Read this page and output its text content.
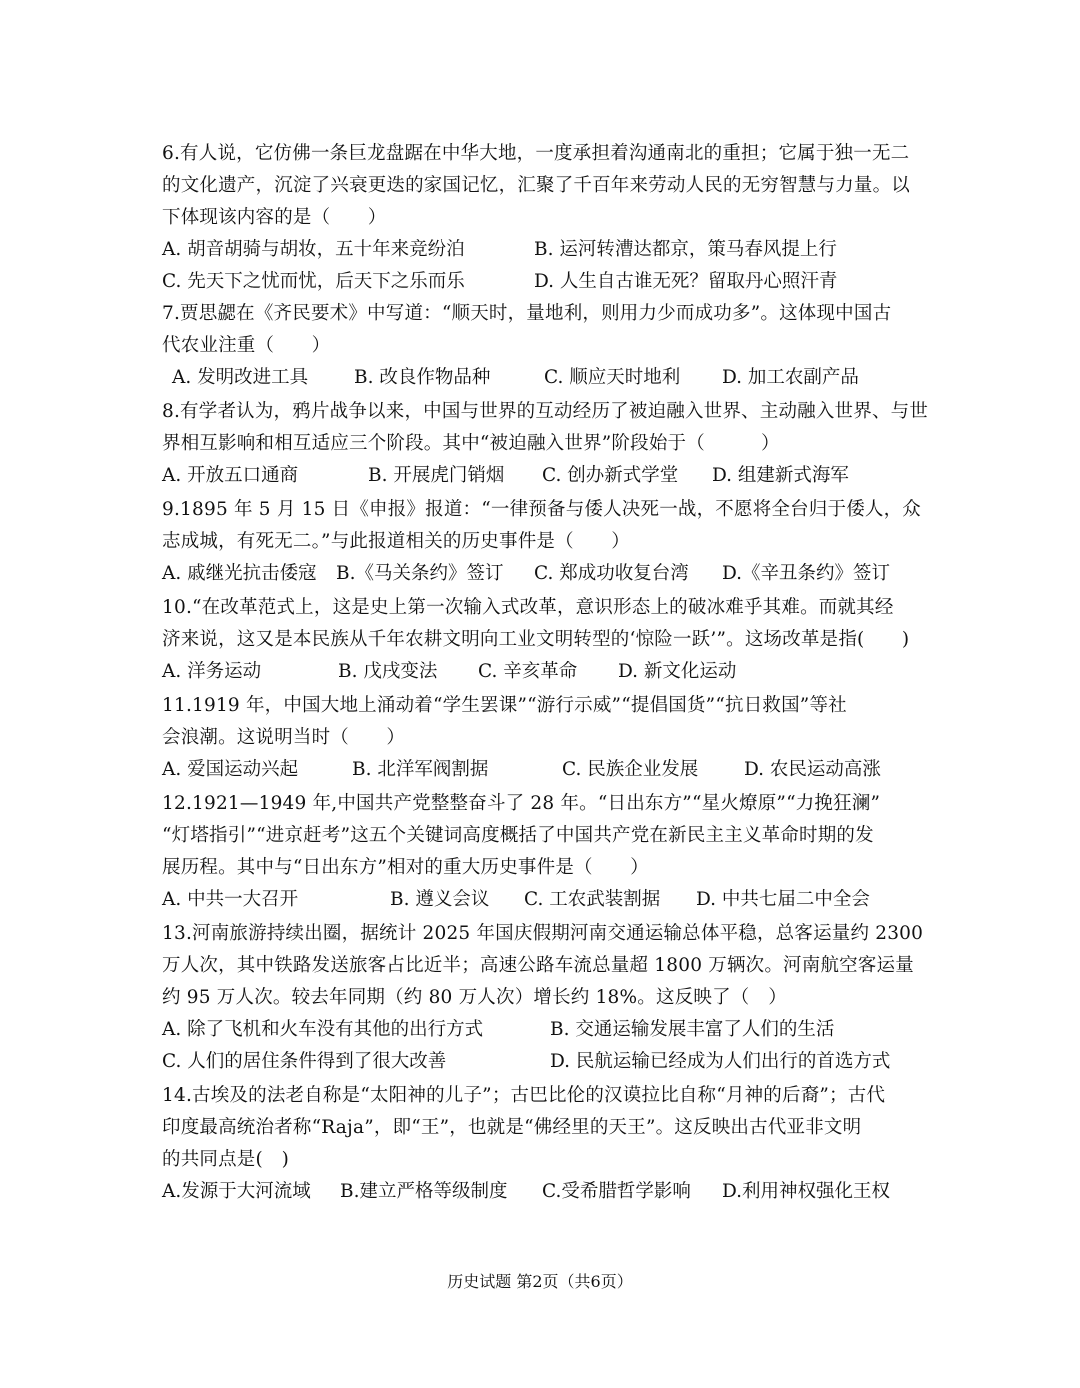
6.有人说，它仿佛一条巨龙盘踞在中华大地，一度承担着沟通南北的重担；它属于独一无二
的文化遗产，沉淀了兴衰更迭的家国记忆，汇聚了千百年来劳动人民的无穷智慧与力量。以
下体现该内容的是（　　）
A. 胡音胡骑与胡妆，五十年来竞纷泊	B. 运河转漕达都京，策马春风提上行
C. 先天下之忧而忧，后天下之乐而乐	D. 人生自古谁无死？留取丹心照汗青
7.贾思勰在《齐民要术》中写道：“顺天时，量地利，则用力少而成功多”。这体现中国古
代农业注重（　　）
A. 发明改进工具 B. 改良作物品种	C. 顺应天时地利 D. 加工农副产品
8.有学者认为，鸦片战争以来，中国与世界的互动经历了被迫融入世界、主动融入世界、与世
界相互影响和相互适应三个阶段。其中“被迫融入世界”阶段始于（　　　）
A. 开放五口通商	B. 开展虎门销烟 C. 创办新式学堂 D. 组建新式海军
9.1895 年 5 月 15 日《申报》报道：“一律预备与倭人决死一战，不愿将全台归于倭人，众
志成城，有死无二。”与此报道相关的历史事件是（　　）
A. 戚继光抗击倭寇 B.《马关条约》签订 C. 郑成功收复台湾 D.《辛丑条约》签订
10.“在改革范式上，这是史上第一次输入式改革，意识形态上的破冰难乎其难。而就其经
济来说，这又是本民族从千年农耕文明向工业文明转型的‘惊险一跃’”。这场改革是指(　　)
A. 洋务运动	B. 戊戌变法 C. 辛亥革命 D. 新文化运动
11.1919 年，中国大地上涌动着“学生罢课”“游行示威”“提倡国货”“抗日救国”等社
会浪潮。这说明当时（　　）
A. 爱国运动兴起	B. 北洋军阀割据	C. 民族企业发展 D. 农民运动高涨
12.1921—1949 年,中国共产党整整奋斗了 28 年。“日出东方”“星火燎原”“力挽狂澜”
“灯塔指引”“进京赶考”这五个关键词高度概括了中国共产党在新民主主义革命时期的发
展历程。其中与“日出东方”相对的重大历史事件是（　　）
A. 中共一大召开	B. 遵义会议 C. 工农武装割据 D. 中共七届二中全会
13.河南旅游持续出圈，据统计 2025 年国庆假期河南交通运输总体平稳，总客运量约 2300
万人次，其中铁路发送旅客占比近半；高速公路车流总量超 1800 万辆次。河南航空客运量
约 95 万人次。较去年同期（约 80 万人次）增长约 18%。这反映了（　）
A. 除了飞机和火车没有其他的出行方式	B. 交通运输发展丰富了人们的生活
C. 人们的居住条件得到了很大改善	D. 民航运输已经成为人们出行的首选方式
14.古埃及的法老自称是“太阳神的儿子”；古巴比伦的汉谟拉比自称“月神的后裔”；古代
印度最高统治者称“Raja”，即“王”，也就是“佛经里的天王”。这反映出古代亚非文明
的共同点是(　)
A.发源于大河流域 B.建立严格等级制度 C.受希腊哲学影响 D.利用神权强化王权
历史试题 第2页（共6页）
